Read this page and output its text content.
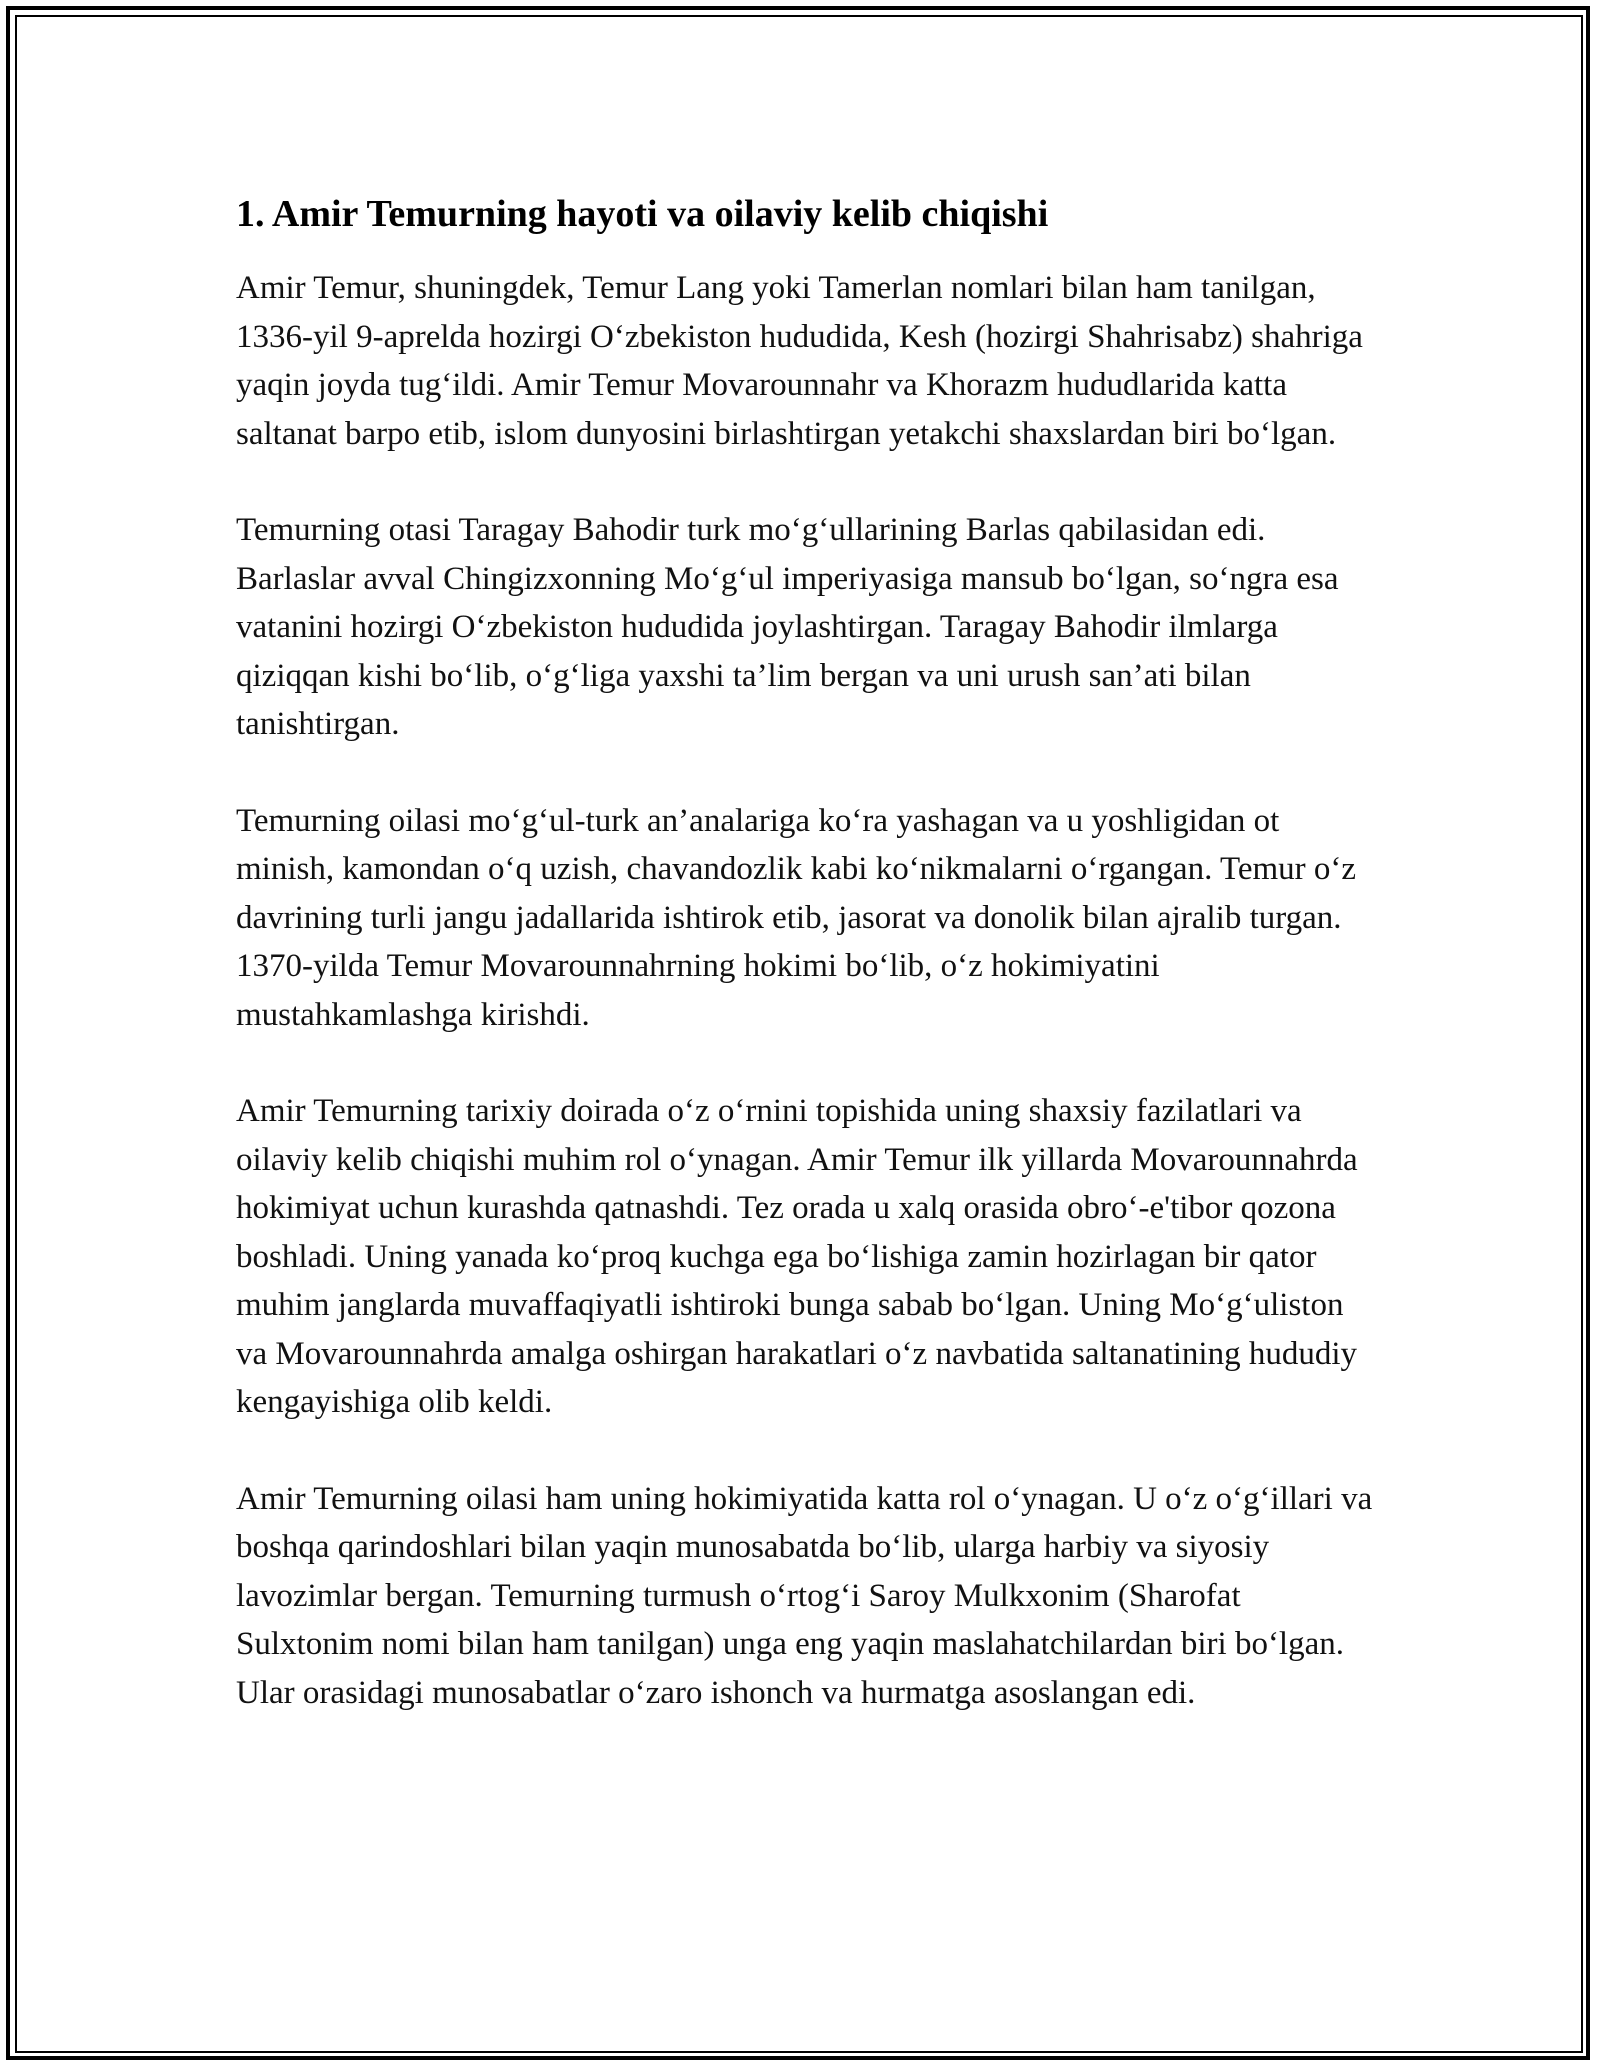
1. Amir Temurning hayoti va oilaviy kelib chiqishi

Amir Temur, shuningdek, Temur Lang yoki Tamerlan nomlari bilan ham tanilgan, 1336-yil 9-aprelda hozirgi O‘zbekiston hududida, Kesh (hozirgi Shahrisabz) shahriga yaqin joyda tug‘ildi. Amir Temur Movarounnahr va Khorazm hududlarida katta saltanat barpo etib, islom dunyosini birlashtirgan yetakchi shaxslardan biri bo‘lgan.

Temurning otasi Taragay Bahodir turk mo‘g‘ullarining Barlas qabilasidan edi. Barlaslar avval Chingizxonning Mo‘g‘ul imperiyasiga mansub bo‘lgan, so‘ngra esa vatanini hozirgi O‘zbekiston hududida joylashtirgan. Taragay Bahodir ilmlarga qiziqqan kishi bo‘lib, o‘g‘liga yaxshi ta’lim bergan va uni urush san’ati bilan tanishtirgan.

Temurning oilasi mo‘g‘ul-turk an’analariga ko‘ra yashagan va u yoshligidan ot minish, kamondan o‘q uzish, chavandozlik kabi ko‘nikmalarni o‘rgangan. Temur o‘z davrining turli jangu jadallarida ishtirok etib, jasorat va donolik bilan ajralib turgan. 1370-yilda Temur Movarounnahrning hokimi bo‘lib, o‘z hokimiyatini mustahkamlashga kirishdi.

Amir Temurning tarixiy doirada o‘z o‘rnini topishida uning shaxsiy fazilatlari va oilaviy kelib chiqishi muhim rol o‘ynagan. Amir Temur ilk yillarda Movarounnahrda hokimiyat uchun kurashda qatnashdi. Tez orada u xalq orasida obro‘-e'tibor qozona boshladi. Uning yanada ko‘proq kuchga ega bo‘lishiga zamin hozirlagan bir qator muhim janglarda muvaffaqiyatli ishtiroki bunga sabab bo‘lgan. Uning Mo‘g‘uliston va Movarounnahrda amalga oshirgan harakatlari o‘z navbatida saltanatining hududiy kengayishiga olib keldi.

Amir Temurning oilasi ham uning hokimiyatida katta rol o‘ynagan. U o‘z o‘g‘illari va boshqa qarindoshlari bilan yaqin munosabatda bo‘lib, ularga harbiy va siyosiy lavozimlar bergan. Temurning turmush o‘rtog‘i Saroy Mulkxonim (Sharofat Sulxtonim nomi bilan ham tanilgan) unga eng yaqin maslahatchilardan biri bo‘lgan. Ular orasidagi munosabatlar o‘zaro ishonch va hurmatga asoslangan edi.
